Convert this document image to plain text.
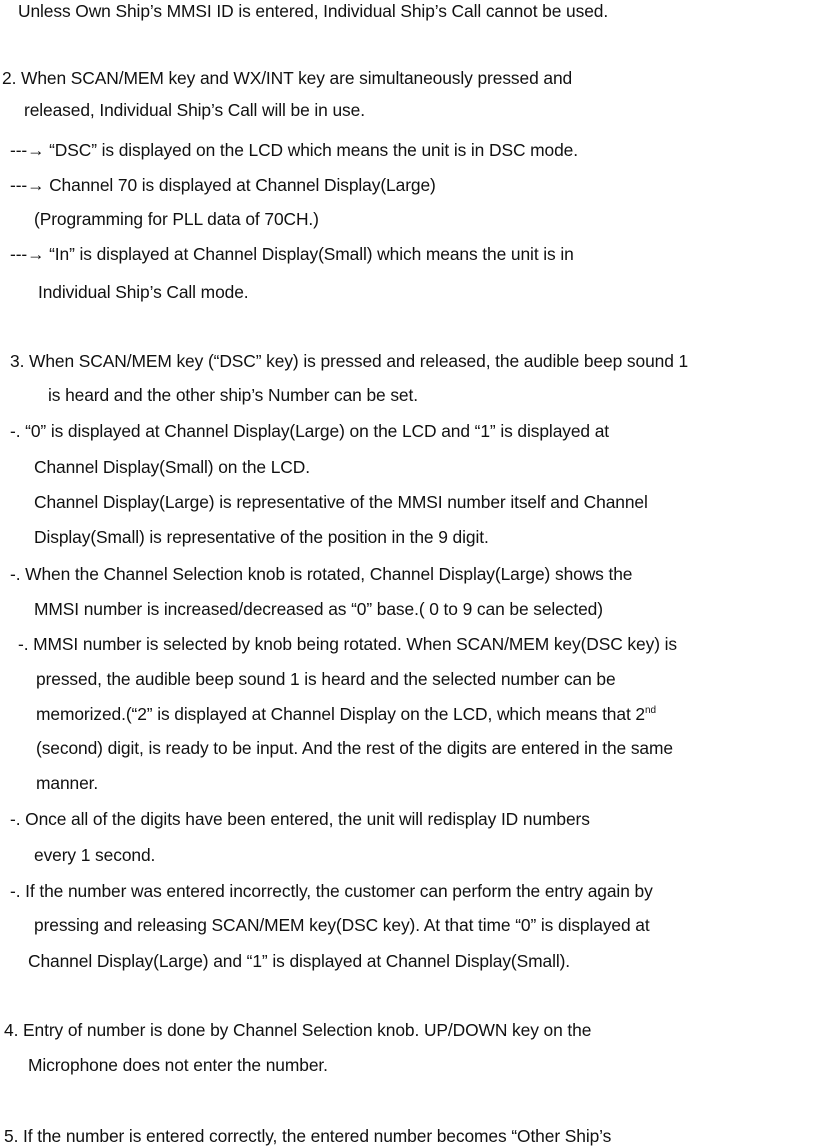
Unless Own Ship’s MMSI ID is entered, Individual Ship’s Call cannot be used.
2. When SCAN/MEM key and WX/INT key are simultaneously pressed and
released, Individual Ship’s Call will be in use.
---→ “DSC” is displayed on the LCD which means the unit is in DSC mode.
---→ Channel 70 is displayed at Channel Display(Large)
(Programming for PLL data of 70CH.)
---→ “In” is displayed at Channel Display(Small) which means the unit is in
Individual Ship’s Call mode.
3. When SCAN/MEM key (“DSC” key) is pressed and released, the audible beep sound 1
is heard and the other ship’s Number can be set.
-. “0” is displayed at Channel Display(Large) on the LCD and “1” is displayed at
Channel Display(Small) on the LCD.
Channel Display(Large) is representative of the MMSI number itself and Channel
Display(Small) is representative of the position in the 9 digit.
-. When the Channel Selection knob is rotated, Channel Display(Large) shows the
MMSI number is increased/decreased as “0” base.( 0 to 9 can be selected)
-. MMSI number is selected by knob being rotated. When SCAN/MEM key(DSC key) is
pressed, the audible beep sound 1 is heard and the selected number can be
memorized.(“2” is displayed at Channel Display on the LCD, which means that 2nd
(second) digit, is ready to be input. And the rest of the digits are entered in the same
manner.
-. Once all of the digits have been entered, the unit will redisplay ID numbers
every 1 second.
-. If the number was entered incorrectly, the customer can perform the entry again by
pressing and releasing SCAN/MEM key(DSC key). At that time “0” is displayed at
Channel Display(Large) and “1” is displayed at Channel Display(Small).
4. Entry of number is done by Channel Selection knob. UP/DOWN key on the
Microphone does not enter the number.
5. If the number is entered correctly, the entered number becomes “Other Ship’s
